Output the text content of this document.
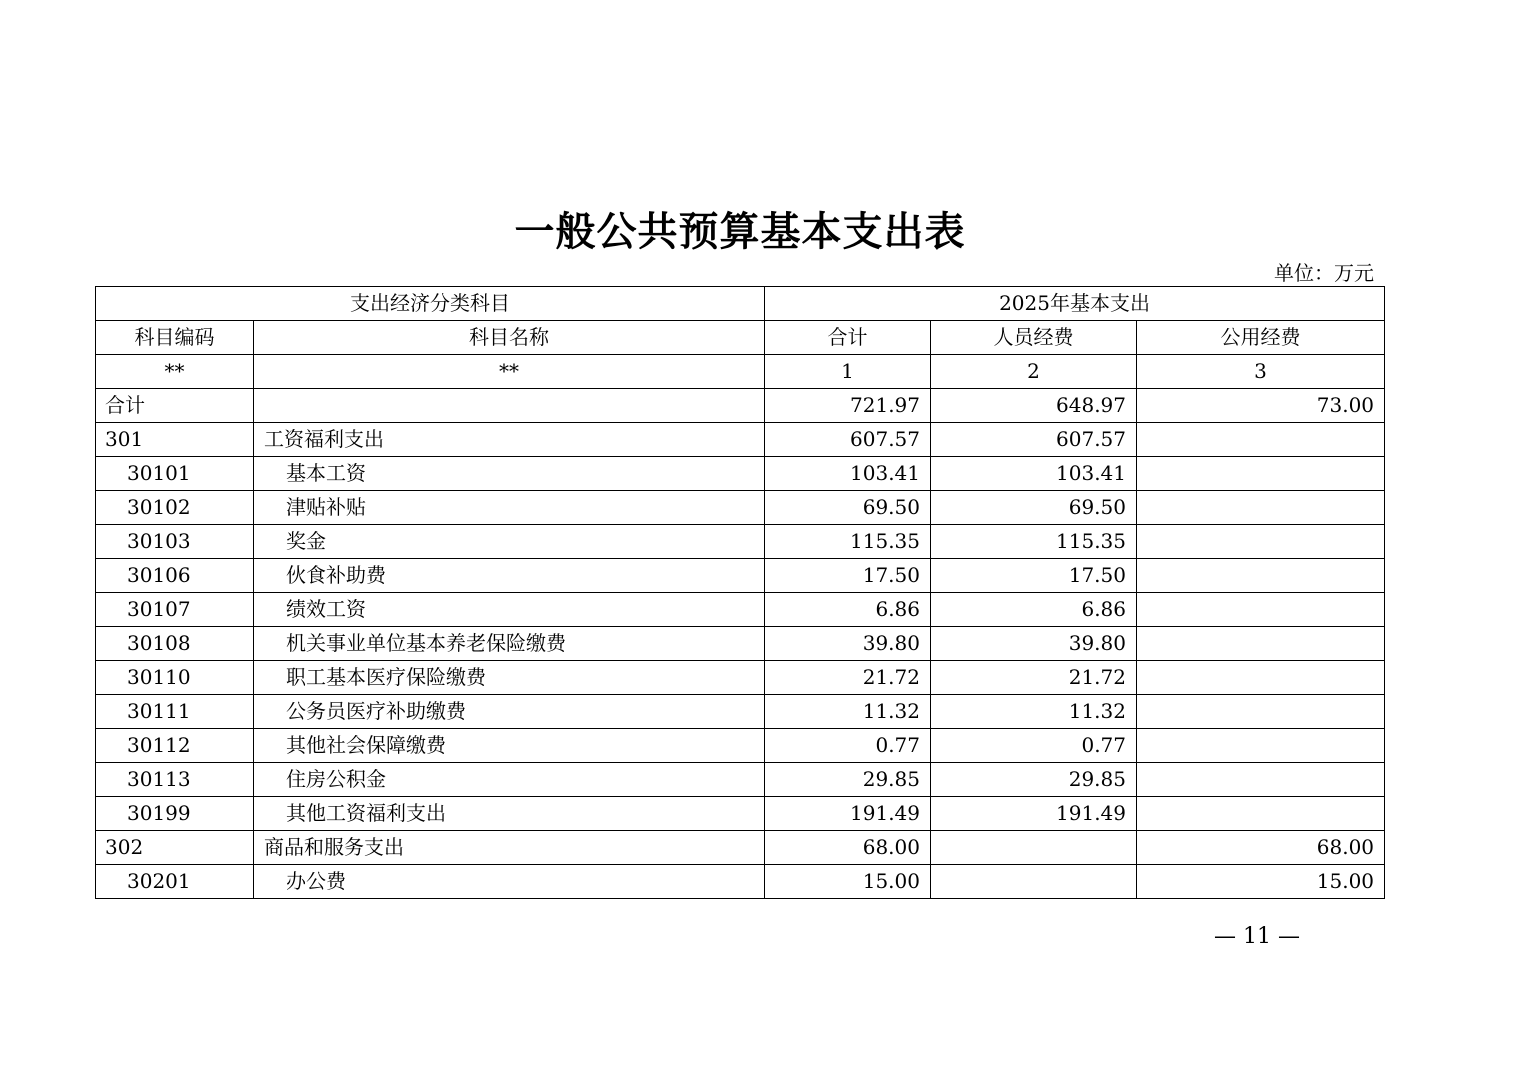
一般公共预算基本支出表
单位：万元
支出经济分类科目		2025年基本支出		
科目编码	科目名称	合计	人员经费	公用经费
**	**	1	2	3
合计		721.97	648.97	73.00
301	工资福利支出	607.57	607.57	
30101	基本工资	103.41	103.41	
30102	津贴补贴	69.50	69.50	
30103	奖金	115.35	115.35	
30106	伙食补助费	17.50	17.50	
30107	绩效工资	6.86	6.86	
30108	机关事业单位基本养老保险缴费	39.80	39.80	
30110	职工基本医疗保险缴费	21.72	21.72	
30111	公务员医疗补助缴费	11.32	11.32	
30112	其他社会保障缴费	0.77	0.77	
30113	住房公积金	29.85	29.85	
30199	其他工资福利支出	191.49	191.49	
302	商品和服务支出	68.00		68.00
30201	办公费	15.00		15.00
— 11 —
